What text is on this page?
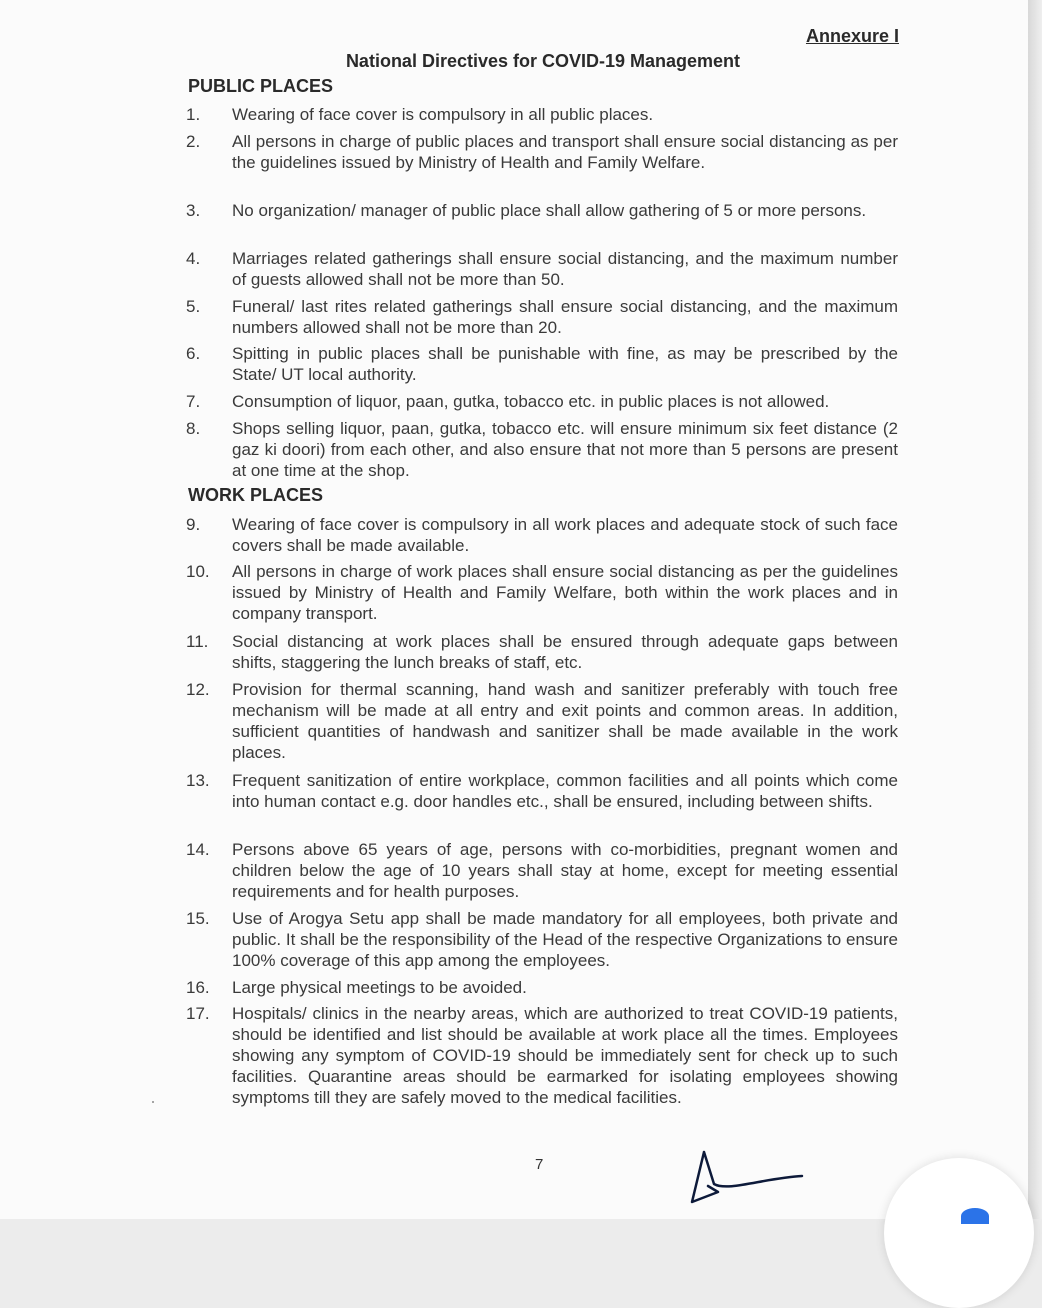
Annexure I
National Directives for COVID-19 Management
PUBLIC PLACES
1. Wearing of face cover is compulsory in all public places.
2. All persons in charge of public places and transport shall ensure social distancing as per the guidelines issued by Ministry of Health and Family Welfare.
3. No organization/ manager of public place shall allow gathering of 5 or more persons.
4. Marriages related gatherings shall ensure social distancing, and the maximum number of guests allowed shall not be more than 50.
5. Funeral/ last rites related gatherings shall ensure social distancing, and the maximum numbers allowed shall not be more than 20.
6. Spitting in public places shall be punishable with fine, as may be prescribed by the State/ UT local authority.
7. Consumption of liquor, paan, gutka, tobacco etc. in public places is not allowed.
8. Shops selling liquor, paan, gutka, tobacco etc. will ensure minimum six feet distance (2 gaz ki doori) from each other, and also ensure that not more than 5 persons are present at one time at the shop.
WORK PLACES
9. Wearing of face cover is compulsory in all work places and adequate stock of such face covers shall be made available.
10. All persons in charge of work places shall ensure social distancing as per the guidelines issued by Ministry of Health and Family Welfare, both within the work places and in company transport.
11. Social distancing at work places shall be ensured through adequate gaps between shifts, staggering the lunch breaks of staff, etc.
12. Provision for thermal scanning, hand wash and sanitizer preferably with touch free mechanism will be made at all entry and exit points and common areas. In addition, sufficient quantities of handwash and sanitizer shall be made available in the work places.
13. Frequent sanitization of entire workplace, common facilities and all points which come into human contact e.g. door handles etc., shall be ensured, including between shifts.
14. Persons above 65 years of age, persons with co-morbidities, pregnant women and children below the age of 10 years shall stay at home, except for meeting essential requirements and for health purposes.
15. Use of Arogya Setu app shall be made mandatory for all employees, both private and public. It shall be the responsibility of the Head of the respective Organizations to ensure 100% coverage of this app among the employees.
16. Large physical meetings to be avoided.
17. Hospitals/ clinics in the nearby areas, which are authorized to treat COVID-19 patients, should be identified and list should be available at work place all the times. Employees showing any symptom of COVID-19 should be immediately sent for check up to such facilities. Quarantine areas should be earmarked for isolating employees showing symptoms till they are safely moved to the medical facilities.
7
